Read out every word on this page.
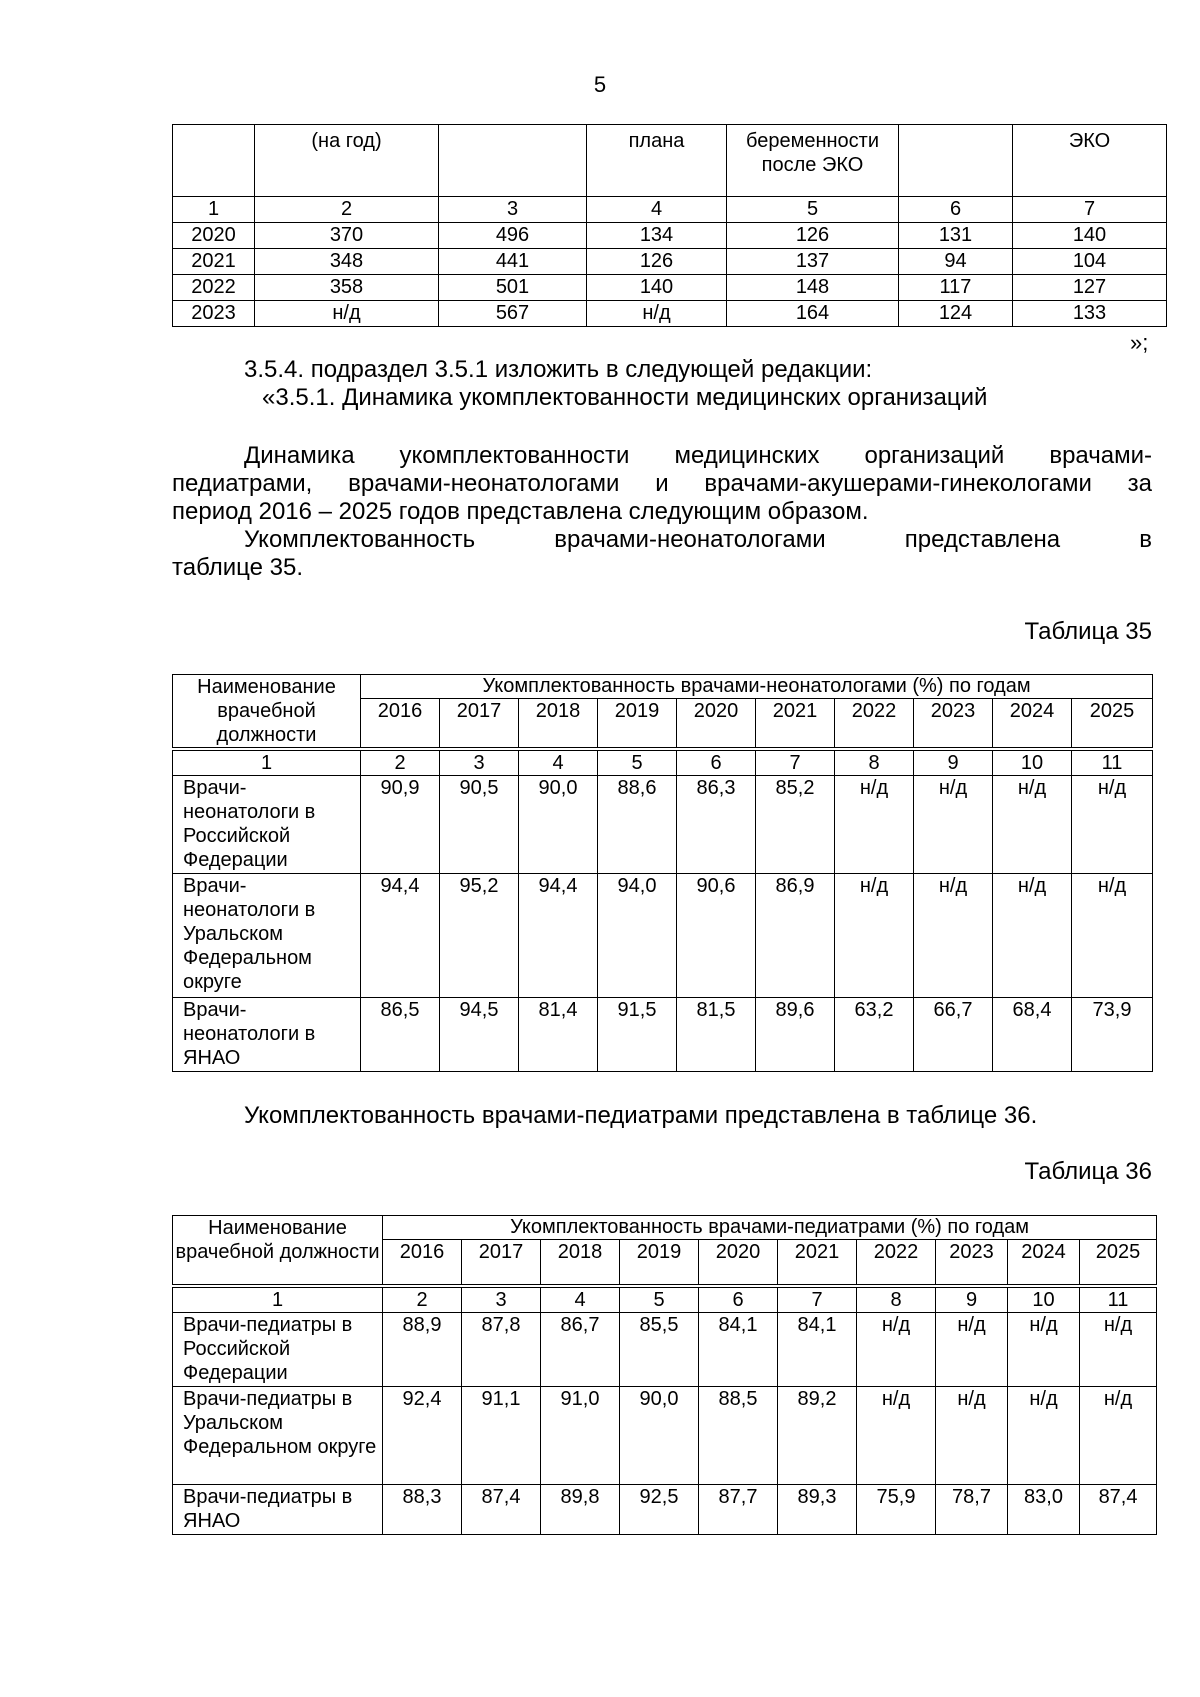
5
	(на год)		плана	беременности после ЭКО		ЭКО
1	2	3	4	5	6	7
2020	370	496	134	126	131	140
2021	348	441	126	137	94	104
2022	358	501	140	148	117	127
2023	н/д	567	н/д	164	124	133
»;
3.5.4. подраздел 3.5.1 изложить в следующей редакции:
«3.5.1. Динамика укомплектованности медицинских организаций
Динамика укомплектованности медицинских организаций врачами-
педиатрами, врачами-неонатологами и врачами-акушерами-гинекологами за
период 2016 – 2025 годов представлена следующим образом.
Укомплектованность врачами-неонатологами представлена в
таблице 35.
Таблица 35
Наименование врачебной должности	Укомплектованность врачами-неонатологами (%) по годам									
	2016	2017	2018	2019	2020	2021	2022	2023	2024	2025
1	2	3	4	5	6	7	8	9	10	11
Врачи-неонатологи в Российской Федерации	90,9	90,5	90,0	88,6	86,3	85,2	н/д	н/д	н/д	н/д
Врачи-неонатологи в Уральском Федеральном округе	94,4	95,2	94,4	94,0	90,6	86,9	н/д	н/д	н/д	н/д
Врачи-неонатологи в ЯНАО	86,5	94,5	81,4	91,5	81,5	89,6	63,2	66,7	68,4	73,9
Укомплектованность врачами-педиатрами представлена в таблице 36.
Таблица 36
Наименование врачебной должности	Укомплектованность врачами-педиатрами (%) по годам									
	2016	2017	2018	2019	2020	2021	2022	2023	2024	2025
1	2	3	4	5	6	7	8	9	10	11
Врачи-педиатры в Российской Федерации	88,9	87,8	86,7	85,5	84,1	84,1	н/д	н/д	н/д	н/д
Врачи-педиатры в Уральском Федеральном округе	92,4	91,1	91,0	90,0	88,5	89,2	н/д	н/д	н/д	н/д
Врачи-педиатры в ЯНАО	88,3	87,4	89,8	92,5	87,7	89,3	75,9	78,7	83,0	87,4
